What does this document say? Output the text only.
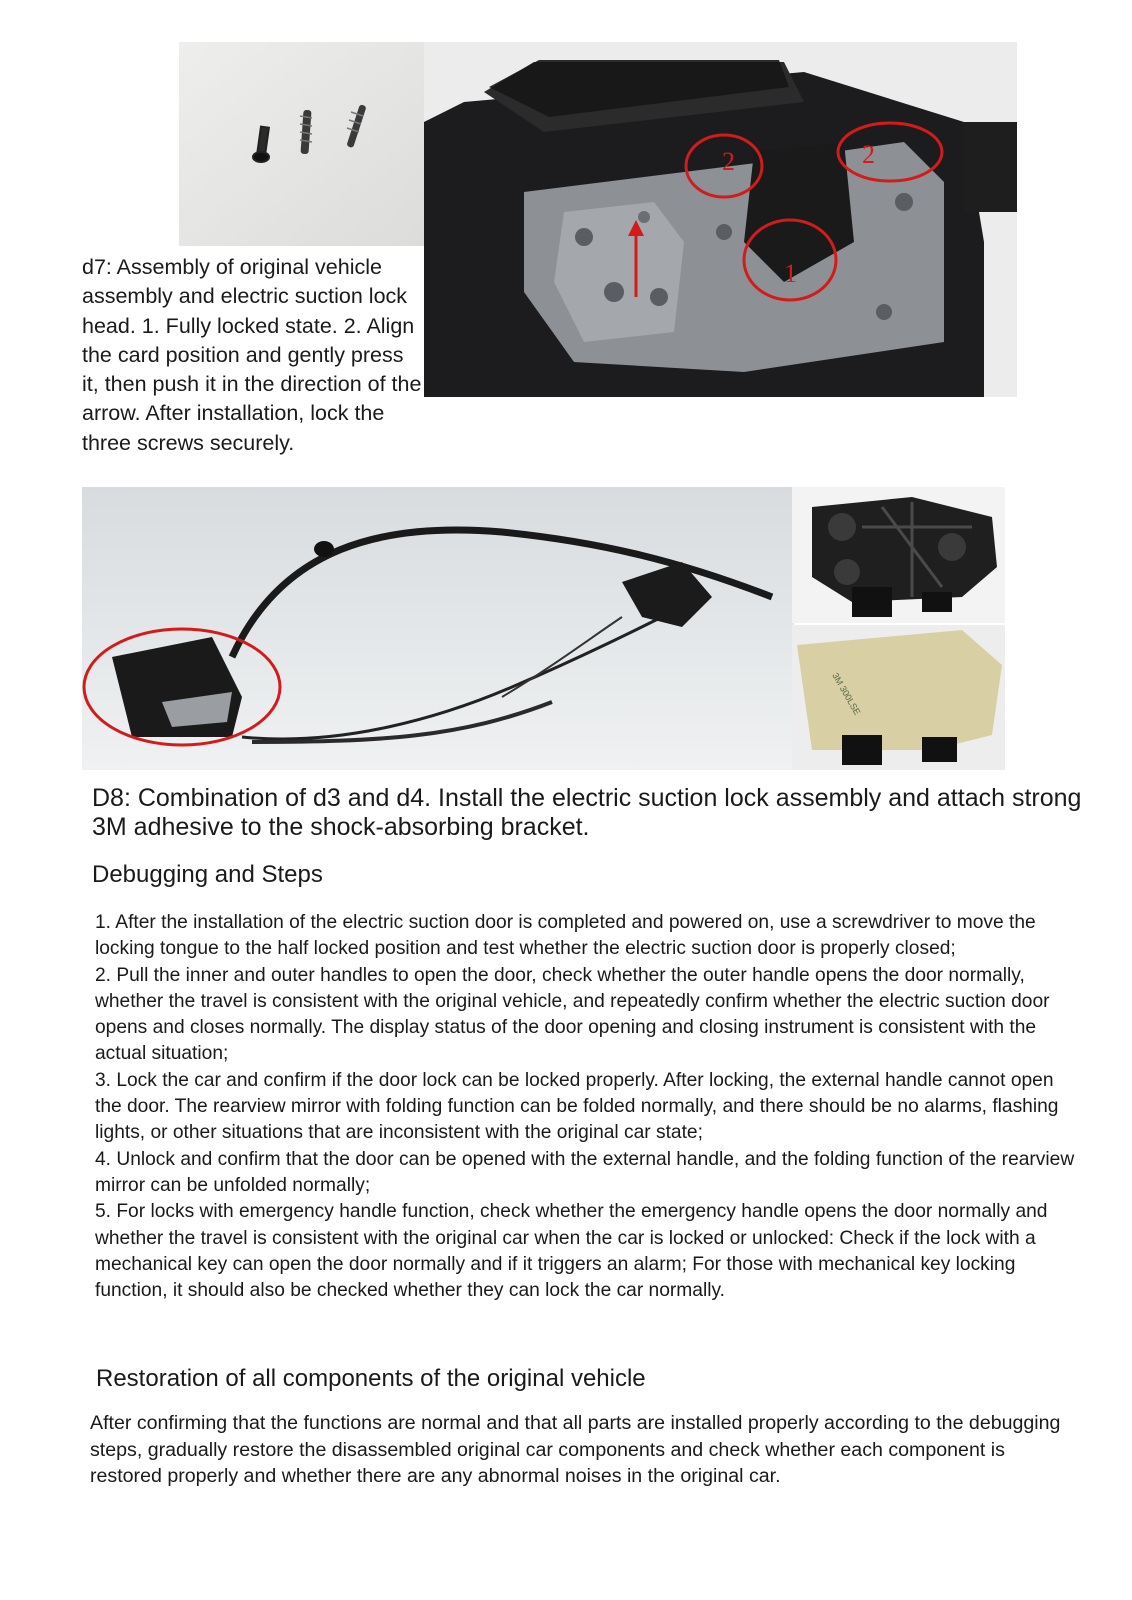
2	2
1
d7: Assembly of original vehicle assembly and electric suction lock head. 1. Fully locked state. 2. Align the card position and gently press it, then push it in the direction of the arrow. After installation, lock the three screws securely.
3M 300LSE
D8: Combination of d3 and d4. Install the electric suction lock assembly and attach strong 3M adhesive to the shock-absorbing bracket.
Debugging and Steps

1. After the installation of the electric suction door is completed and powered on, use a screwdriver to move the locking tongue to the half locked position and test whether the electric suction door is properly closed;

2. Pull the inner and outer handles to open the door, check whether the outer handle opens the door normally, whether the travel is consistent with the original vehicle, and repeatedly confirm whether the electric suction door opens and closes normally. The display status of the door opening and closing instrument is consistent with the actual situation;

3. Lock the car and confirm if the door lock can be locked properly. After locking, the external handle cannot open the door. The rearview mirror with folding function can be folded normally, and there should be no alarms, flashing lights, or other situations that are inconsistent with the original car state;

4. Unlock and confirm that the door can be opened with the external handle, and the folding function of the rearview mirror can be unfolded normally;

5. For locks with emergency handle function, check whether the emergency handle opens the door normally and whether the travel is consistent with the original car when the car is locked or unlocked: Check if the lock with a mechanical key can open the door normally and if it triggers an alarm; For those with mechanical key locking function, it should also be checked whether they can lock the car normally.

Restoration of all components of the original vehicle
After confirming that the functions are normal and that all parts are installed properly according to the debugging steps, gradually restore the disassembled original car components and check whether each component is restored properly and whether there are any abnormal noises in the original car.
